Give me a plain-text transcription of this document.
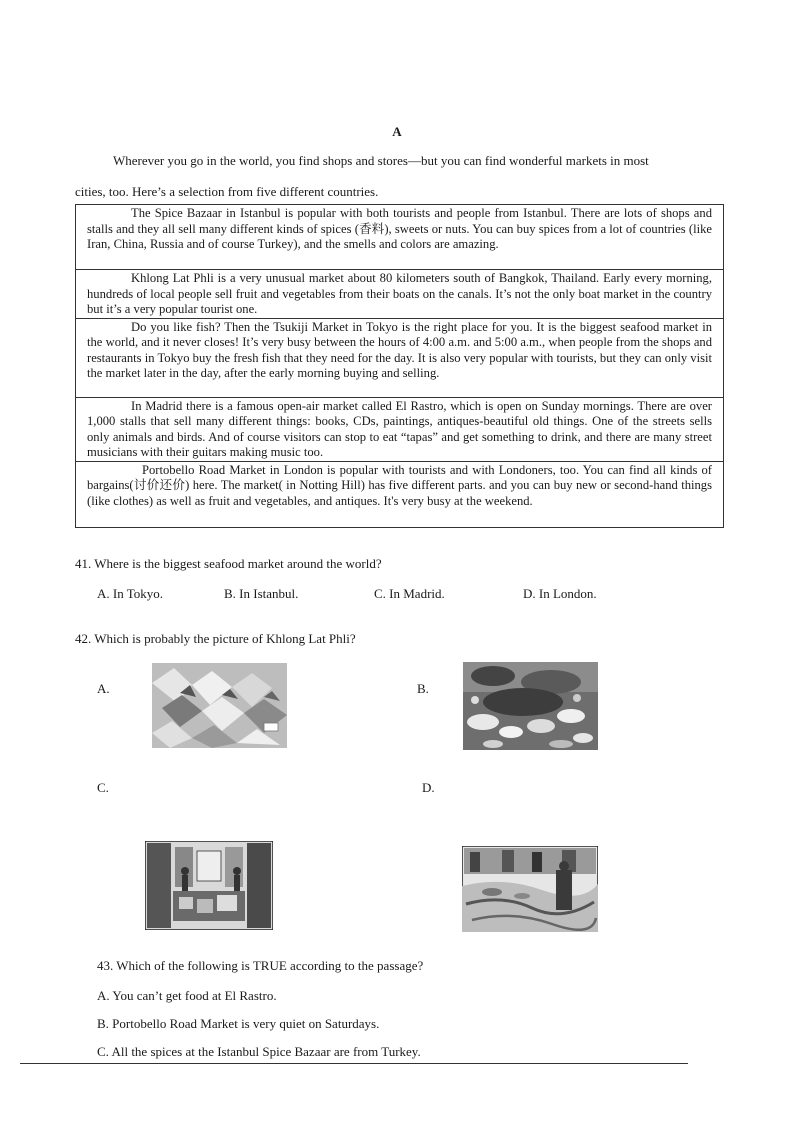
A
Wherever you go in the world, you find shops and stores—but you can find wonderful markets in most
cities, too. Here’s a selection from five different countries.

The Spice Bazaar in Istanbul is popular with both tourists and people from Istanbul. There are lots of shops and stalls and they all sell many different kinds of spices (香料), sweets or nuts. You can buy spices from a lot of countries (like Iran, China, Russia and of course Turkey), and the smells and colors are amazing.

Khlong Lat Phli is a very unusual market about 80 kilometers south of Bangkok, Thailand. Early every morning, hundreds of local people sell fruit and vegetables from their boats on the canals. It’s not the only boat market in the country but it’s a very popular tourist one.

Do you like fish? Then the Tsukiji Market in Tokyo is the right place for you. It is the biggest seafood market in the world, and it never closes! It’s very busy between the hours of 4:00 a.m. and 5:00 a.m., when people from the shops and restaurants in Tokyo buy the fresh fish that they need for the day. It is also very popular with tourists, but they can only visit the market later in the day, after the early morning buying and selling.

In Madrid there is a famous open-air market called El Rastro, which is open on Sunday mornings. There are over 1,000 stalls that sell many different things: books, CDs, paintings, antiques-beautiful old things. One of the streets sells only animals and birds. And of course visitors can stop to eat “tapas” and get something to drink, and there are many street musicians with their guitars making music too.

Portobello Road Market in London is popular with tourists and with Londoners, too. You can find all kinds of bargains(讨价还价) here. The market( in Notting Hill) has five different parts. and you can buy new or second-hand things (like clothes) as well as fruit and vegetables, and antiques. It's very busy at the weekend.

41. Where is the biggest seafood market around the world?
A. In Tokyo.	B. In Istanbul.	C. In Madrid.	D. In London.
42. Which is probably the picture of Khlong Lat Phli?
A.	B.
C.	D.
43. Which of the following is TRUE according to the passage?
A. You can’t get food at El Rastro.
B. Portobello Road Market is very quiet on Saturdays.
C. All the spices at the Istanbul Spice Bazaar are from Turkey.
